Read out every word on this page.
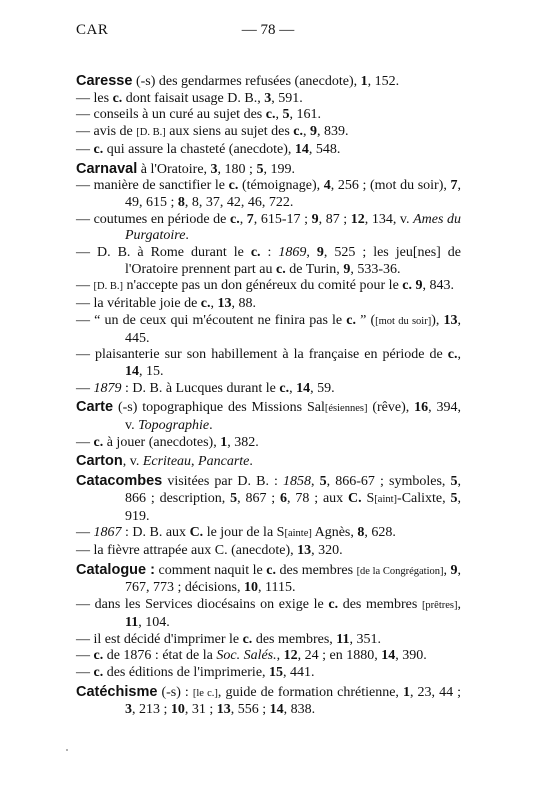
CAR	— 78 —

Caresse (-s) des gendarmes refusées (anecdote), 1, 152.

— les c. dont faisait usage D. B., 3, 591.

— conseils à un curé au sujet des c., 5, 161.

— avis de [D. B.] aux siens au sujet des c., 9, 839.

— c. qui assure la chasteté (anecdote), 14, 548.

Carnaval à l'Oratoire, 3, 180 ; 5, 199.

— manière de sanctifier le c. (témoignage), 4, 256 ; (mot du soir), 7, 49, 615 ; 8, 8, 37, 42, 46, 722.

— coutumes en période de c., 7, 615-17 ; 9, 87 ; 12, 134, v. Ames du Purgatoire.

— D. B. à Rome durant le c. : 1869, 9, 525 ; les jeu[nes] de l'Oratoire prennent part au c. de Turin, 9, 533-36.

— [D. B.] n'accepte pas un don généreux du comité pour le c. 9, 843.

— la véritable joie de c., 13, 88.

— “ un de ceux qui m'écoutent ne finira pas le c. ” ([mot du soir]), 13, 445.

— plaisanterie sur son habillement à la française en période de c., 14, 15.

— 1879 : D. B. à Lucques durant le c., 14, 59.

Carte (-s) topographique des Missions Sal[ésiennes] (rêve), 16, 394, v. Topographie.

— c. à jouer (anecdotes), 1, 382.

Carton, v. Ecriteau, Pancarte.

Catacombes visitées par D. B. : 1858, 5, 866-67 ; symboles, 5, 866 ; description, 5, 867 ; 6, 78 ; aux C. S[aint]-Calixte, 5, 919.

— 1867 : D. B. aux C. le jour de la S[ainte] Agnès, 8, 628.

— la fièvre attrapée aux C. (anecdote), 13, 320.

Catalogue : comment naquit le c. des membres [de la Congrégation], 9, 767, 773 ; décisions, 10, 1115.

— dans les Services diocésains on exige le c. des membres [prêtres], 11, 104.

— il est décidé d'imprimer le c. des membres, 11, 351.

— c. de 1876 : état de la Soc. Salés., 12, 24 ; en 1880, 14, 390.

— c. des éditions de l'imprimerie, 15, 441.

Catéchisme (-s) : [le c.], guide de formation chrétienne, 1, 23, 44 ; 3, 213 ; 10, 31 ; 13, 556 ; 14, 838.
